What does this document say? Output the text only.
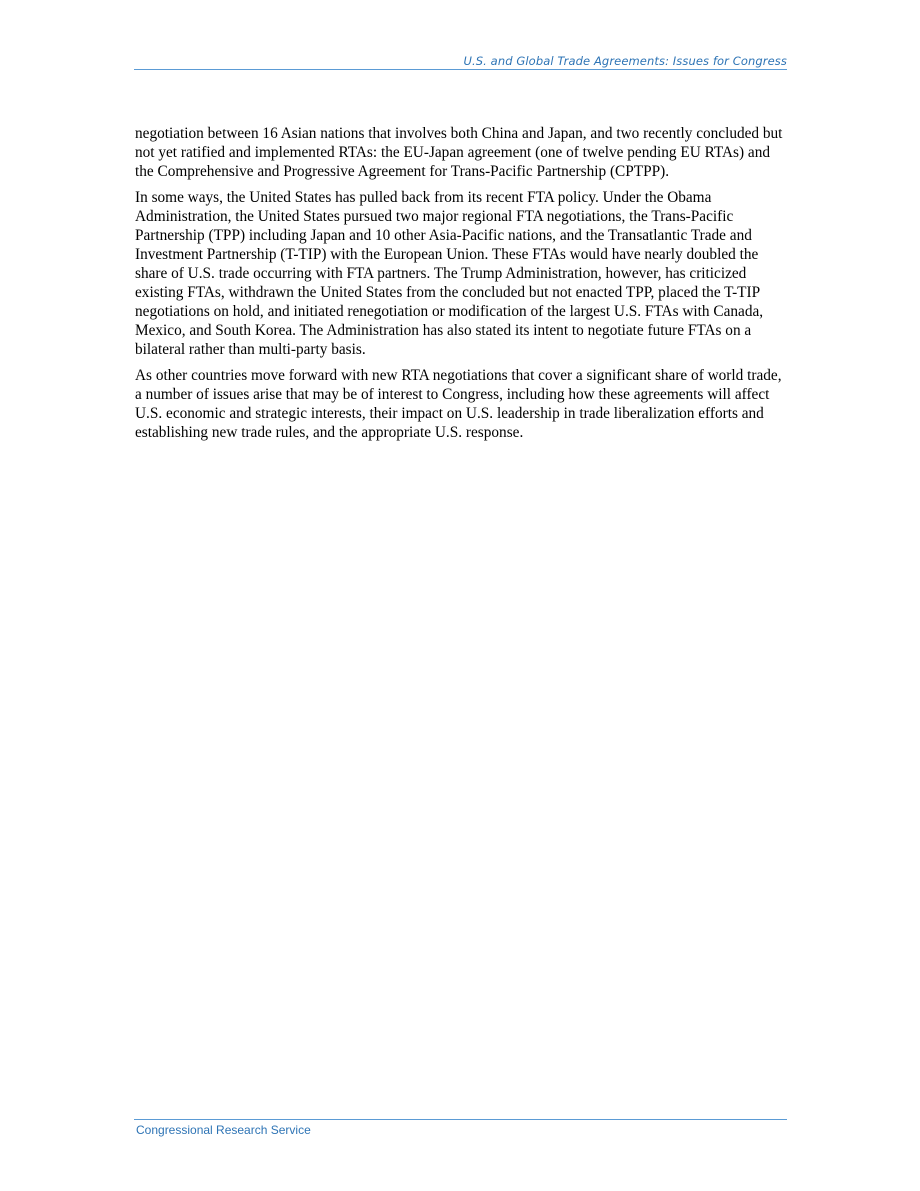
U.S. and Global Trade Agreements: Issues for Congress

negotiation between 16 Asian nations that involves both China and Japan, and two recently concluded but not yet ratified and implemented RTAs: the EU-Japan agreement (one of twelve pending EU RTAs) and the Comprehensive and Progressive Agreement for Trans-Pacific Partnership (CPTPP).

In some ways, the United States has pulled back from its recent FTA policy. Under the Obama Administration, the United States pursued two major regional FTA negotiations, the Trans-Pacific Partnership (TPP) including Japan and 10 other Asia-Pacific nations, and the Transatlantic Trade and Investment Partnership (T-TIP) with the European Union. These FTAs would have nearly doubled the share of U.S. trade occurring with FTA partners. The Trump Administration, however, has criticized existing FTAs, withdrawn the United States from the concluded but not enacted TPP, placed the T-TIP negotiations on hold, and initiated renegotiation or modification of the largest U.S. FTAs with Canada, Mexico, and South Korea. The Administration has also stated its intent to negotiate future FTAs on a bilateral rather than multi-party basis.

As other countries move forward with new RTA negotiations that cover a significant share of world trade, a number of issues arise that may be of interest to Congress, including how these agreements will affect U.S. economic and strategic interests, their impact on U.S. leadership in trade liberalization efforts and establishing new trade rules, and the appropriate U.S. response.

Congressional Research Service
